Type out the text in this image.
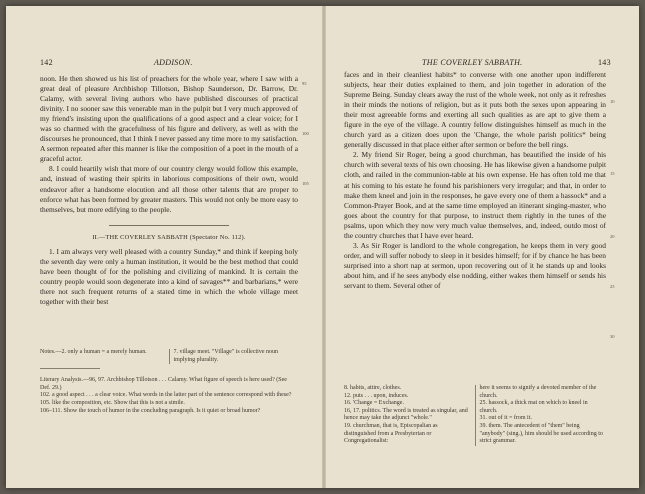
142	ADDISON.

noon. He then showed us his list of preachers for the whole year, where I saw with a great deal of pleasure Archbishop Tillotson, Bishop Saunderson, Dr. Barrow, Dr. Calamy, with several living authors who have published discourses of practical divinity. I no sooner saw this venerable man in the pulpit but I very much approved of my friend's insisting upon the qualifications of a good aspect and a clear voice; for I was so charmed with the gracefulness of his figure and delivery, as well as with the discourses he pronounced, that I think I never passed any time more to my satisfaction. A sermon repeated after this manner is like the composition of a poet in the mouth of a graceful actor.

8. I could heartily wish that more of our country clergy would follow this example, and, instead of wasting their spirits in laborious compositions of their own, would endeavor after a handsome elocution and all those other talents that are proper to enforce what has been formed by greater masters. This would not only be more easy to themselves, but more edifying to the people.

II.—THE COVERLEY SABBATH (Spectator No. 112).

1. I am always very well pleased with a country Sunday,* and think if keeping holy the seventh day were only a human institution, it would be the best method that could have been thought of for the polishing and civilizing of mankind. It is certain the country people would soon degenerate into a kind of savages** and barbarians,* were there not such frequent returns of a stated time in which the whole village meet together with their best

95
100
105
Notes.—2. only a human = a merely human.	7. village meet. "Village" is collective noun implying plurality.
Literary Analysis.—96, 97. Archbishop Tillotson . . . Calamy. What figure of speech is here used? (See Def. 29.)
102. a good aspect . . . a clear voice. What words in the latter part of the sentence correspond with these?
105. like the composition, etc. Show that this is not a simile.
106–111. Show the touch of humor in the concluding paragraph. Is it quiet or broad humor?
THE COVERLEY SABBATH.	143

faces and in their cleanliest habits* to converse with one another upon indifferent subjects, hear their duties explained to them, and join together in adoration of the Supreme Being. Sunday clears away the rust of the whole week, not only as it refreshes in their minds the notions of religion, but as it puts both the sexes upon appearing in their most agreeable forms and exerting all such qualities as are apt to give them a figure in the eye of the village. A country fellow distinguishes himself as much in the church yard as a citizen does upon the 'Change, the whole parish politics* being generally discussed in that place either after sermon or before the bell rings.

2. My friend Sir Roger, being a good churchman, has beautified the inside of his church with several texts of his own choosing. He has likewise given a handsome pulpit cloth, and railed in the communion-table at his own expense. He has often told me that at his coming to his estate he found his parishioners very irregular; and that, in order to make them kneel and join in the responses, he gave every one of them a hassock* and a Common-Prayer Book, and at the same time employed an itinerant singing-master, who goes about the country for that purpose, to instruct them rightly in the tunes of the psalms, upon which they now very much value themselves, and, indeed, outdo most of the country churches that I have ever heard.

3. As Sir Roger is landlord to the whole congregation, he keeps them in very good order, and will suffer nobody to sleep in it besides himself; for if by chance he has been surprised into a short nap at sermon, upon recovering out of it he stands up and looks about him, and if he sees anybody else nodding, either wakes them himself or sends his servant to them. Several other of

10
15
20
25
30
8. habits, attire, clothes.
12. puts . . . upon, induces.
16. 'Change = Exchange.
16, 17. politics. The word is treated as singular, and hence may take the adjunct "whole."
19. churchman, that is, Episcopalian as distinguished from a Presbyterian or Congregationalist:
here it seems to signify a devoted member of the church.
25. hassock, a thick mat on which to kneel in church.
31. out of it = from it.
39. them. The antecedent of "them" being "anybody" (sing.), him should be used according to strict grammar.
